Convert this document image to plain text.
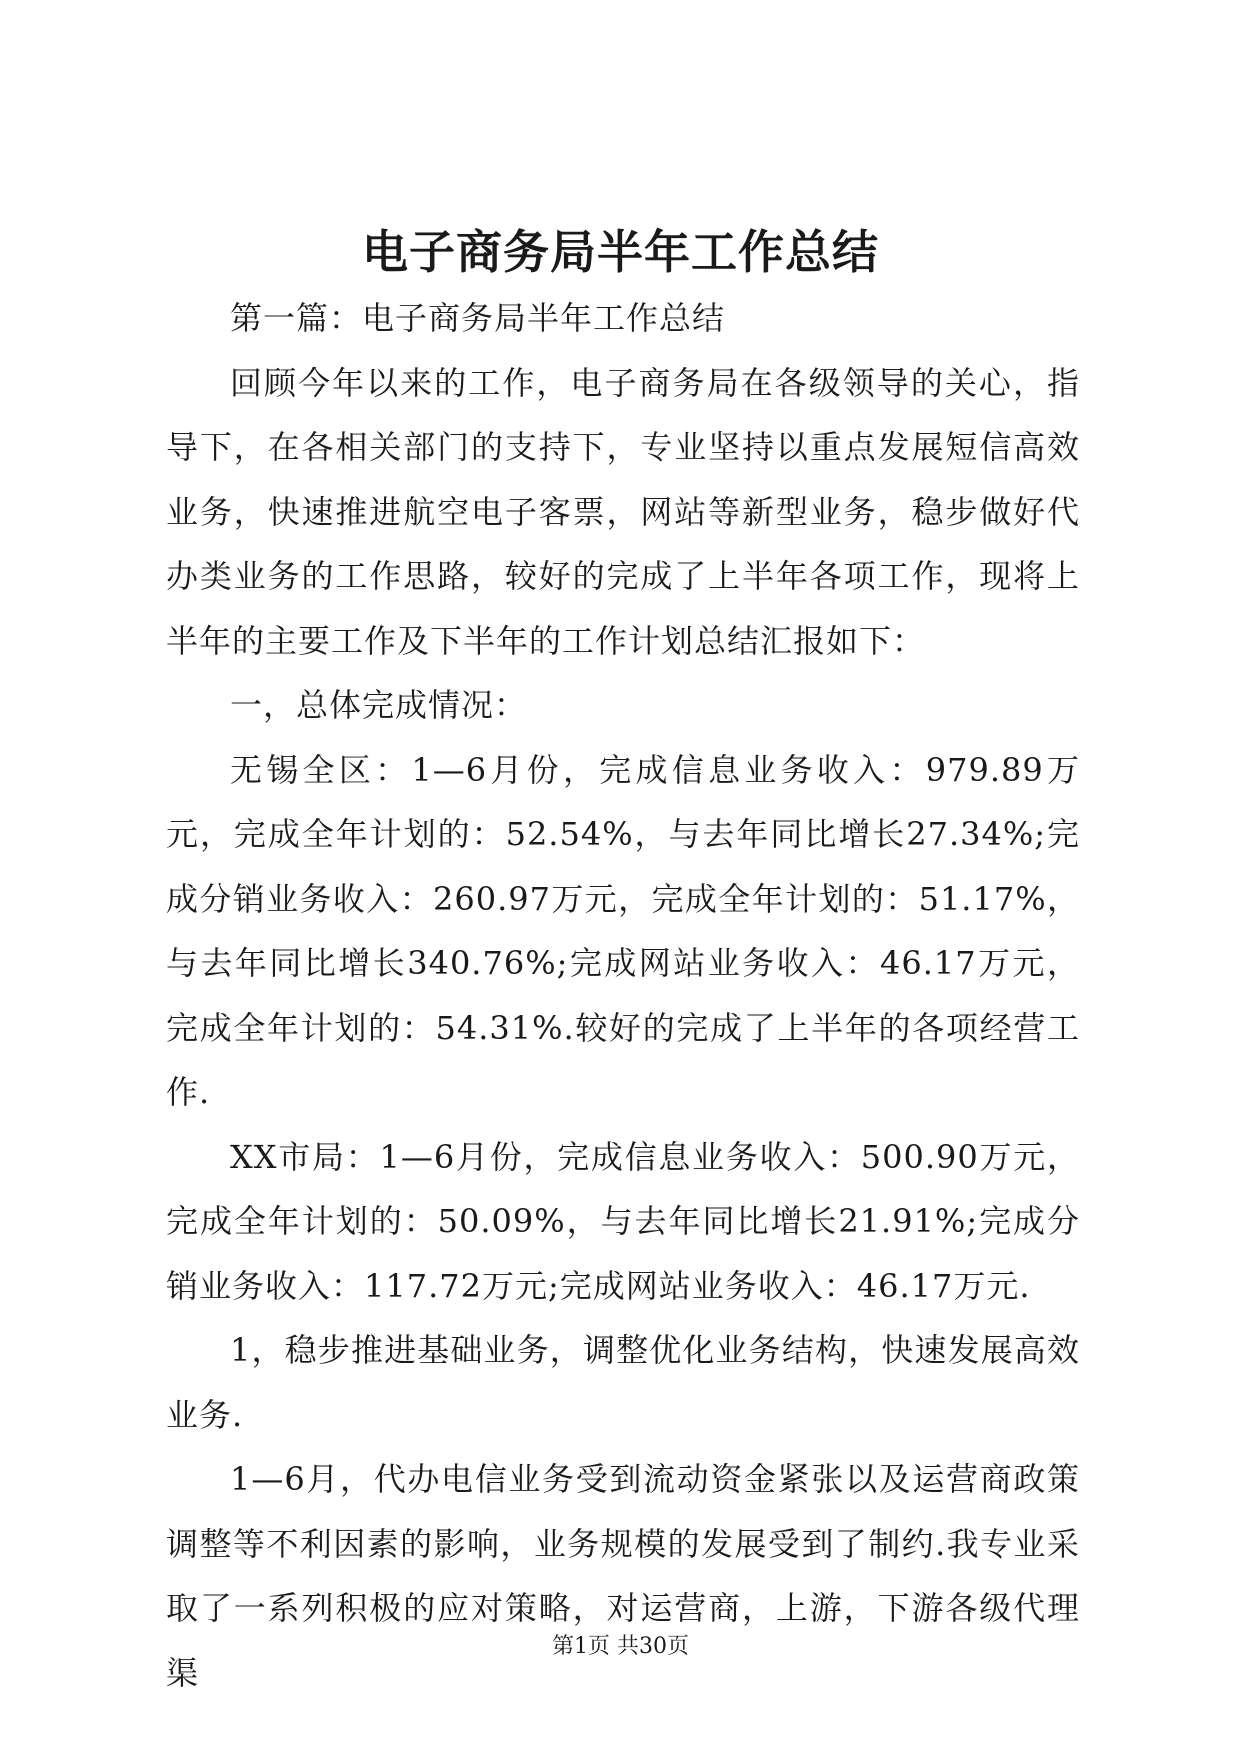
电子商务局半年工作总结

第一篇：电子商务局半年工作总结

回顾今年以来的工作，电子商务局在各级领导的关心，指导下，在各相关部门的支持下，专业坚持以重点发展短信高效业务，快速推进航空电子客票，网站等新型业务，稳步做好代办类业务的工作思路，较好的完成了上半年各项工作，现将上半年的主要工作及下半年的工作计划总结汇报如下：

一，总体完成情况：

无锡全区：1—6月份，完成信息业务收入：979.89万元，完成全年计划的：52.54%，与去年同比增长27.34%;完成分销业务收入：260.97万元，完成全年计划的：51.17%，与去年同比增长340.76%;完成网站业务收入：46.17万元，完成全年计划的：54.31%.较好的完成了上半年的各项经营工作.

XX市局：1—6月份，完成信息业务收入：500.90万元，完成全年计划的：50.09%，与去年同比增长21.91%;完成分销业务收入：117.72万元;完成网站业务收入：46.17万元.

1，稳步推进基础业务，调整优化业务结构，快速发展高效业务.

1—6月，代办电信业务受到流动资金紧张以及运营商政策调整等不利因素的影响，业务规模的发展受到了制约.我专业采取了一系列积极的应对策略，对运营商，上游，下游各级代理渠

第1页 共30页
